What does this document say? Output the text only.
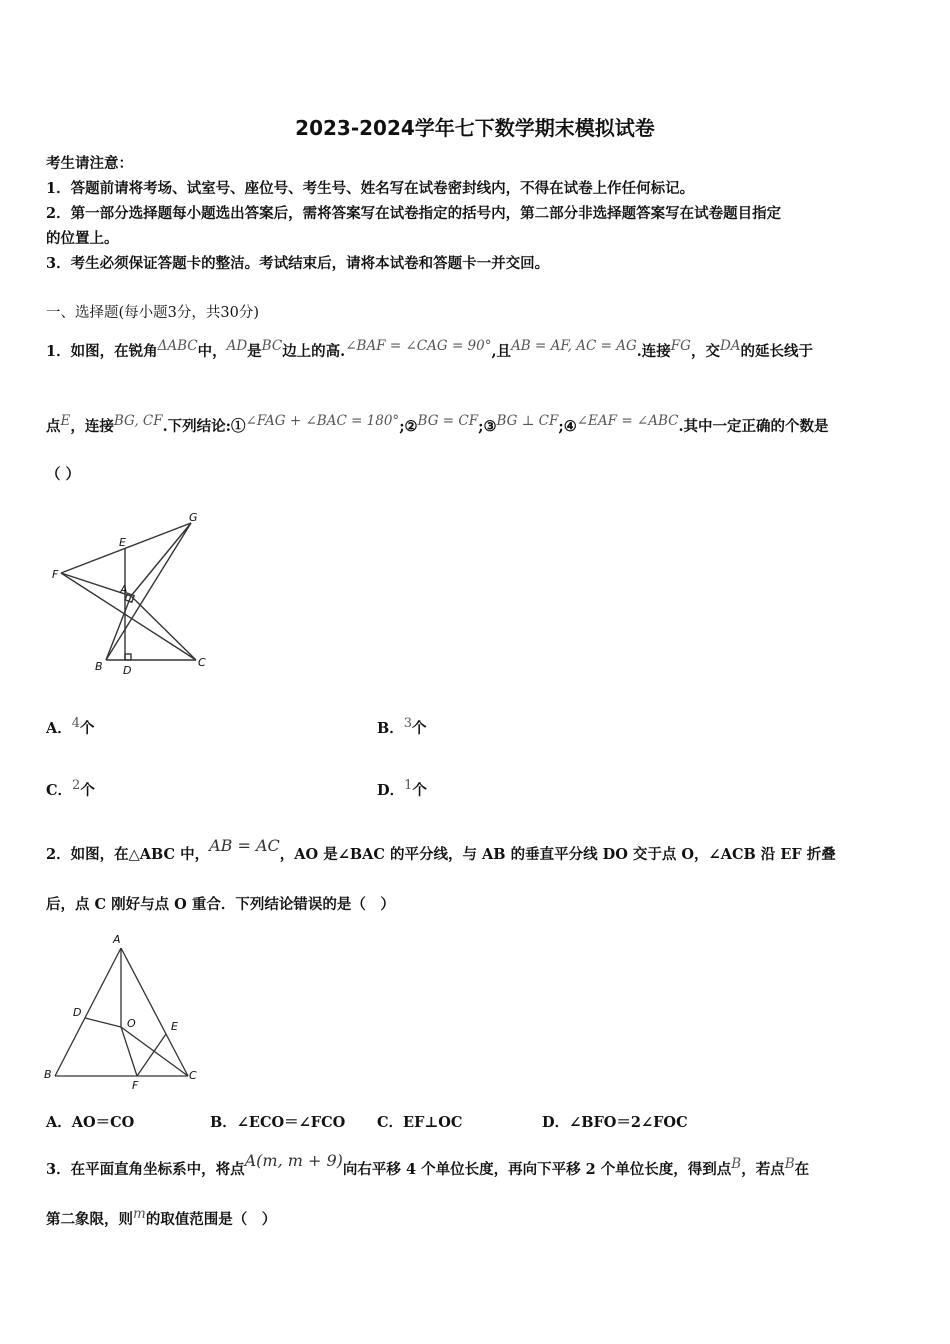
2023-2024学年七下数学期末模拟试卷
考生请注意：
1．答题前请将考场、试室号、座位号、考生号、姓名写在试卷密封线内，不得在试卷上作任何标记。
2．第一部分选择题每小题选出答案后，需将答案写在试卷指定的括号内，第二部分非选择题答案写在试卷题目指定
的位置上。
3．考生必须保证答题卡的整洁。考试结束后，请将本试卷和答题卡一并交回。
一、选择题(每小题3分，共30分)
1．如图，在锐角ΔABC中，AD是BC边上的高.∠BAF = ∠CAG = 90°,且AB = AF, AC = AG.连接FG，交DA的延长线于
点E，连接BG, CF.下列结论:①∠FAG + ∠BAC = 180°;②BG = CF;③BG ⊥ CF;④∠EAF = ∠ABC.其中一定正确的个数是
（ ）
G
E
F
A
B D
C
A．4个	B．3个
C．2个	D．1个
2．如图，在△ABC 中，AB = AC，AO 是∠BAC 的平分线，与 AB 的垂直平分线 DO 交于点 O，∠ACB 沿 EF 折叠
后，点 C 刚好与点 O 重合．下列结论错误的是（　）
A
D
O	E
B
F
C
A．AO＝CO	B．∠ECO＝∠FCO C．EF⊥OC	D．∠BFO＝2∠FOC
3．在平面直角坐标系中，将点A(m, m + 9)向右平移 4 个单位长度，再向下平移 2 个单位长度，得到点B，若点B在
第二象限，则m的取值范围是（　）
